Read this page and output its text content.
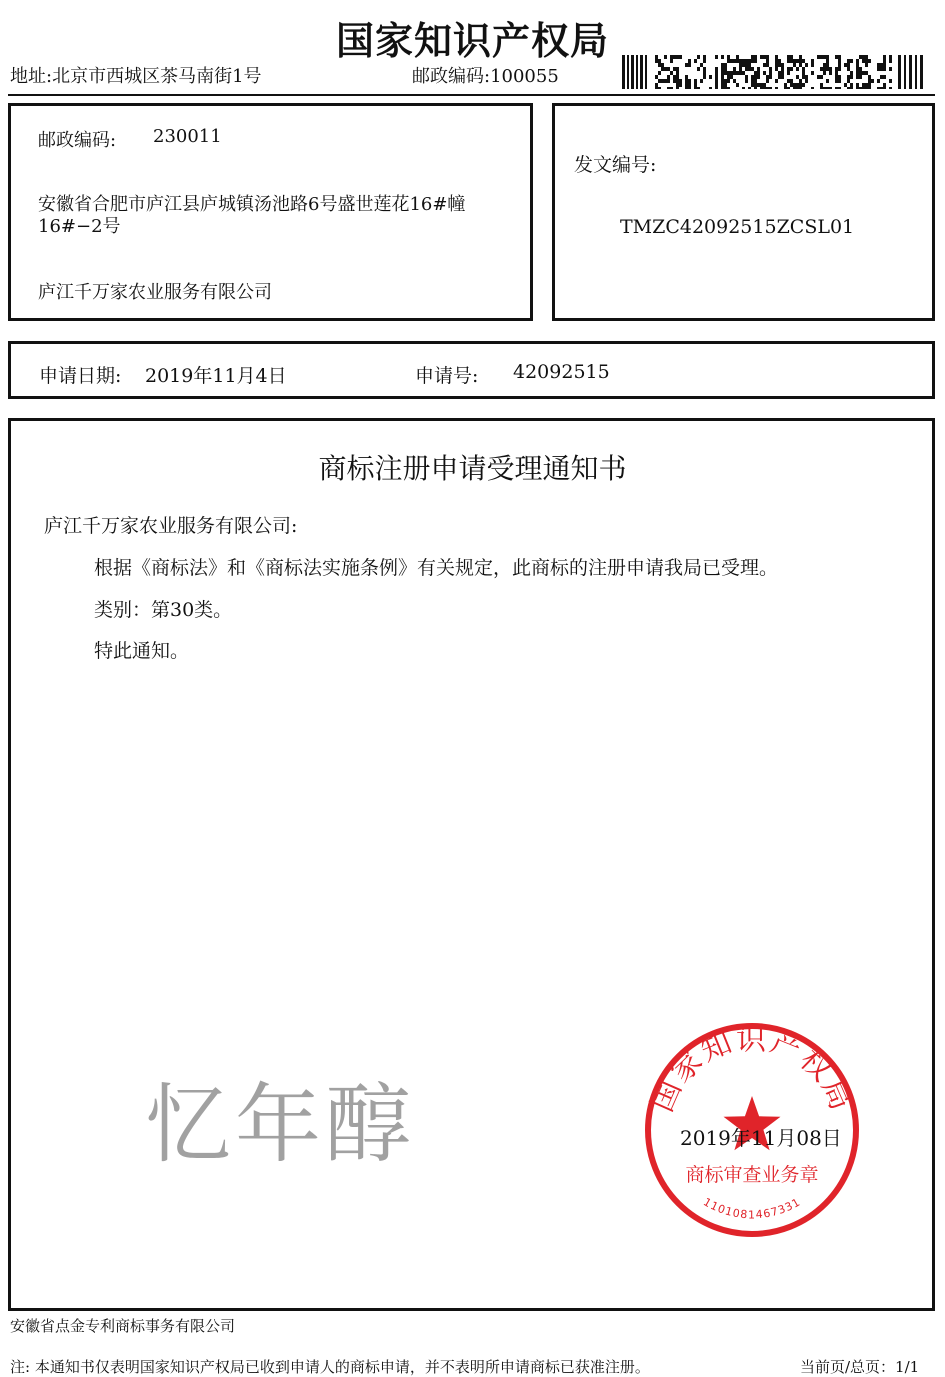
国家知识产权局
地址:北京市西城区茶马南街1号	邮政编码:100055
邮政编码: 230011
安徽省合肥市庐江县庐城镇汤池路6号盛世莲花16#幢
16#−2号
庐江千万家农业服务有限公司
发文编号:
TMZC42092515ZCSL01
申请日期: 2019年11月4日	申请号: 42092515
商标注册申请受理通知书
庐江千万家农业服务有限公司:
根据《商标法》和《商标法实施条例》有关规定，此商标的注册申请我局已受理。
类别：第30类。
特此通知。
忆年醇	国家知识产权局
商标审查业务章
1101081467331
2019年11月08日
安徽省点金专利商标事务有限公司
注: 本通知书仅表明国家知识产权局已收到申请人的商标申请，并不表明所申请商标已获准注册。	当前页/总页：1/1
